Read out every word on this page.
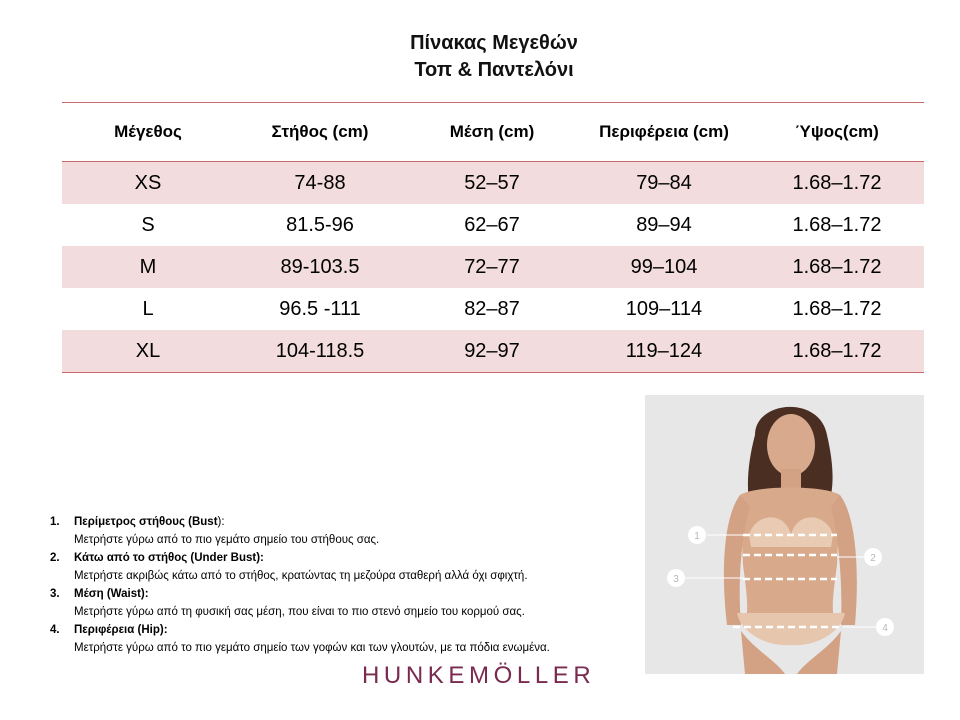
Πίνακας Μεγεθών
Τοπ & Παντελόνι
Μέγεθος	Στήθος (cm)	Μέση (cm)	Περιφέρεια (cm)	Ύψος(cm)
XS	74-88	52–57	79–84	1.68–1.72
S	81.5-96	62–67	89–94	1.68–1.72
M	89-103.5	72–77	99–104	1.68–1.72
L	96.5 -111	82–87	109–114	1.68–1.72
XL	104-118.5	92–97	119–124	1.68–1.72
1.	Περίμετρος στήθους (Bust):
Μετρήστε γύρω από το πιο γεμάτο σημείο του στήθους σας.
2.	Κάτω από το στήθος (Under Bust):
Μετρήστε ακριβώς κάτω από το στήθος, κρατώντας τη μεζούρα σταθερή αλλά όχι σφιχτή.
3.	Μέση (Waist):
Μετρήστε γύρω από τη φυσική σας μέση, που είναι το πιο στενό σημείο του κορμού σας.
4.	Περιφέρεια (Hip):
Μετρήστε γύρω από το πιο γεμάτο σημείο των γοφών και των γλουτών, με τα πόδια ενωμένα.
HUNKEMÖLLER
1
2
3
4
